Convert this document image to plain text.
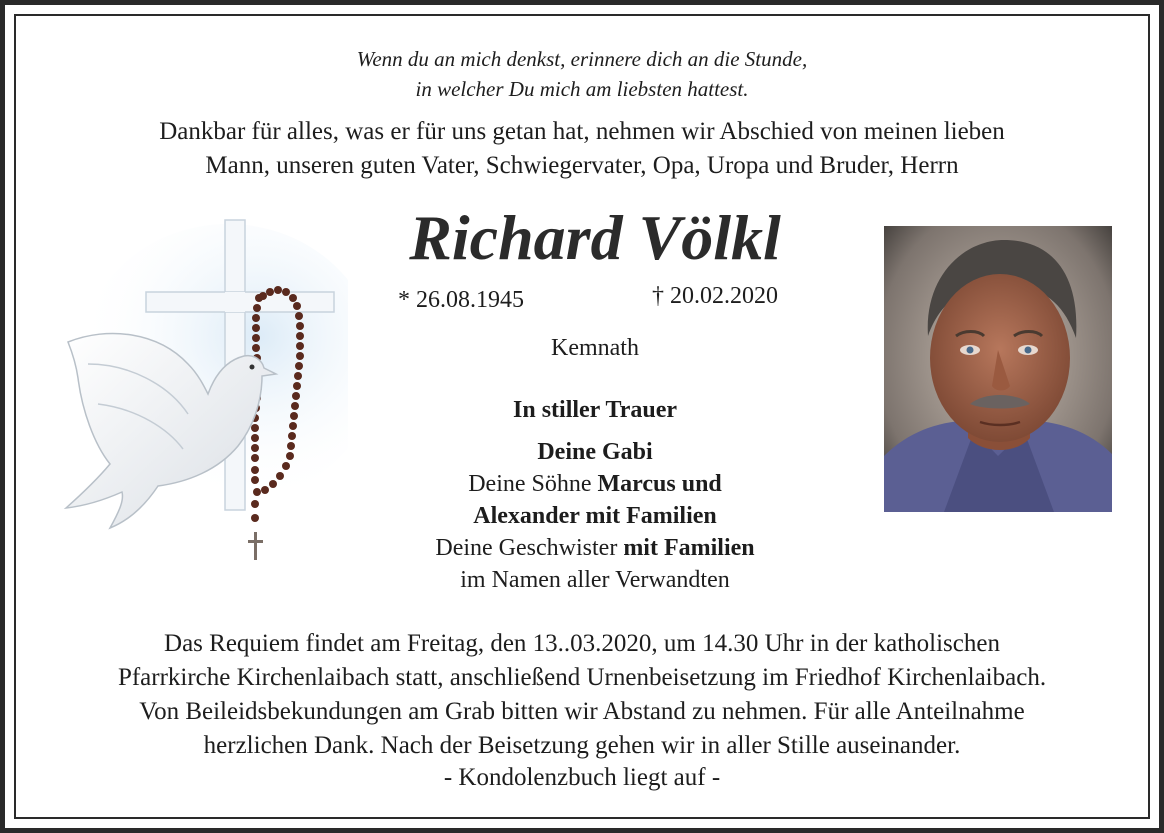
Wenn du an mich denkst, erinnere dich an die Stunde,
in welcher Du mich am liebsten hattest.
Dankbar für alles, was er für uns getan hat, nehmen wir Abschied von meinen lieben
Mann, unseren guten Vater, Schwiegervater, Opa, Uropa und Bruder, Herrn
Richard Völkl
* 26.08.1945	† 20.02.2020
Kemnath
In stiller Trauer
Deine Gabi
Deine Söhne Marcus und
Alexander mit Familien
Deine Geschwister mit Familien
im Namen aller Verwandten
Das Requiem findet am Freitag, den 13..03.2020, um 14.30 Uhr in der katholischen
Pfarrkirche Kirchenlaibach statt, anschließend Urnenbeisetzung im Friedhof Kirchenlaibach.
Von Beileidsbekundungen am Grab bitten wir Abstand zu nehmen. Für alle Anteilnahme
herzlichen Dank. Nach der Beisetzung gehen wir in aller Stille auseinander.
- Kondolenzbuch liegt auf -
